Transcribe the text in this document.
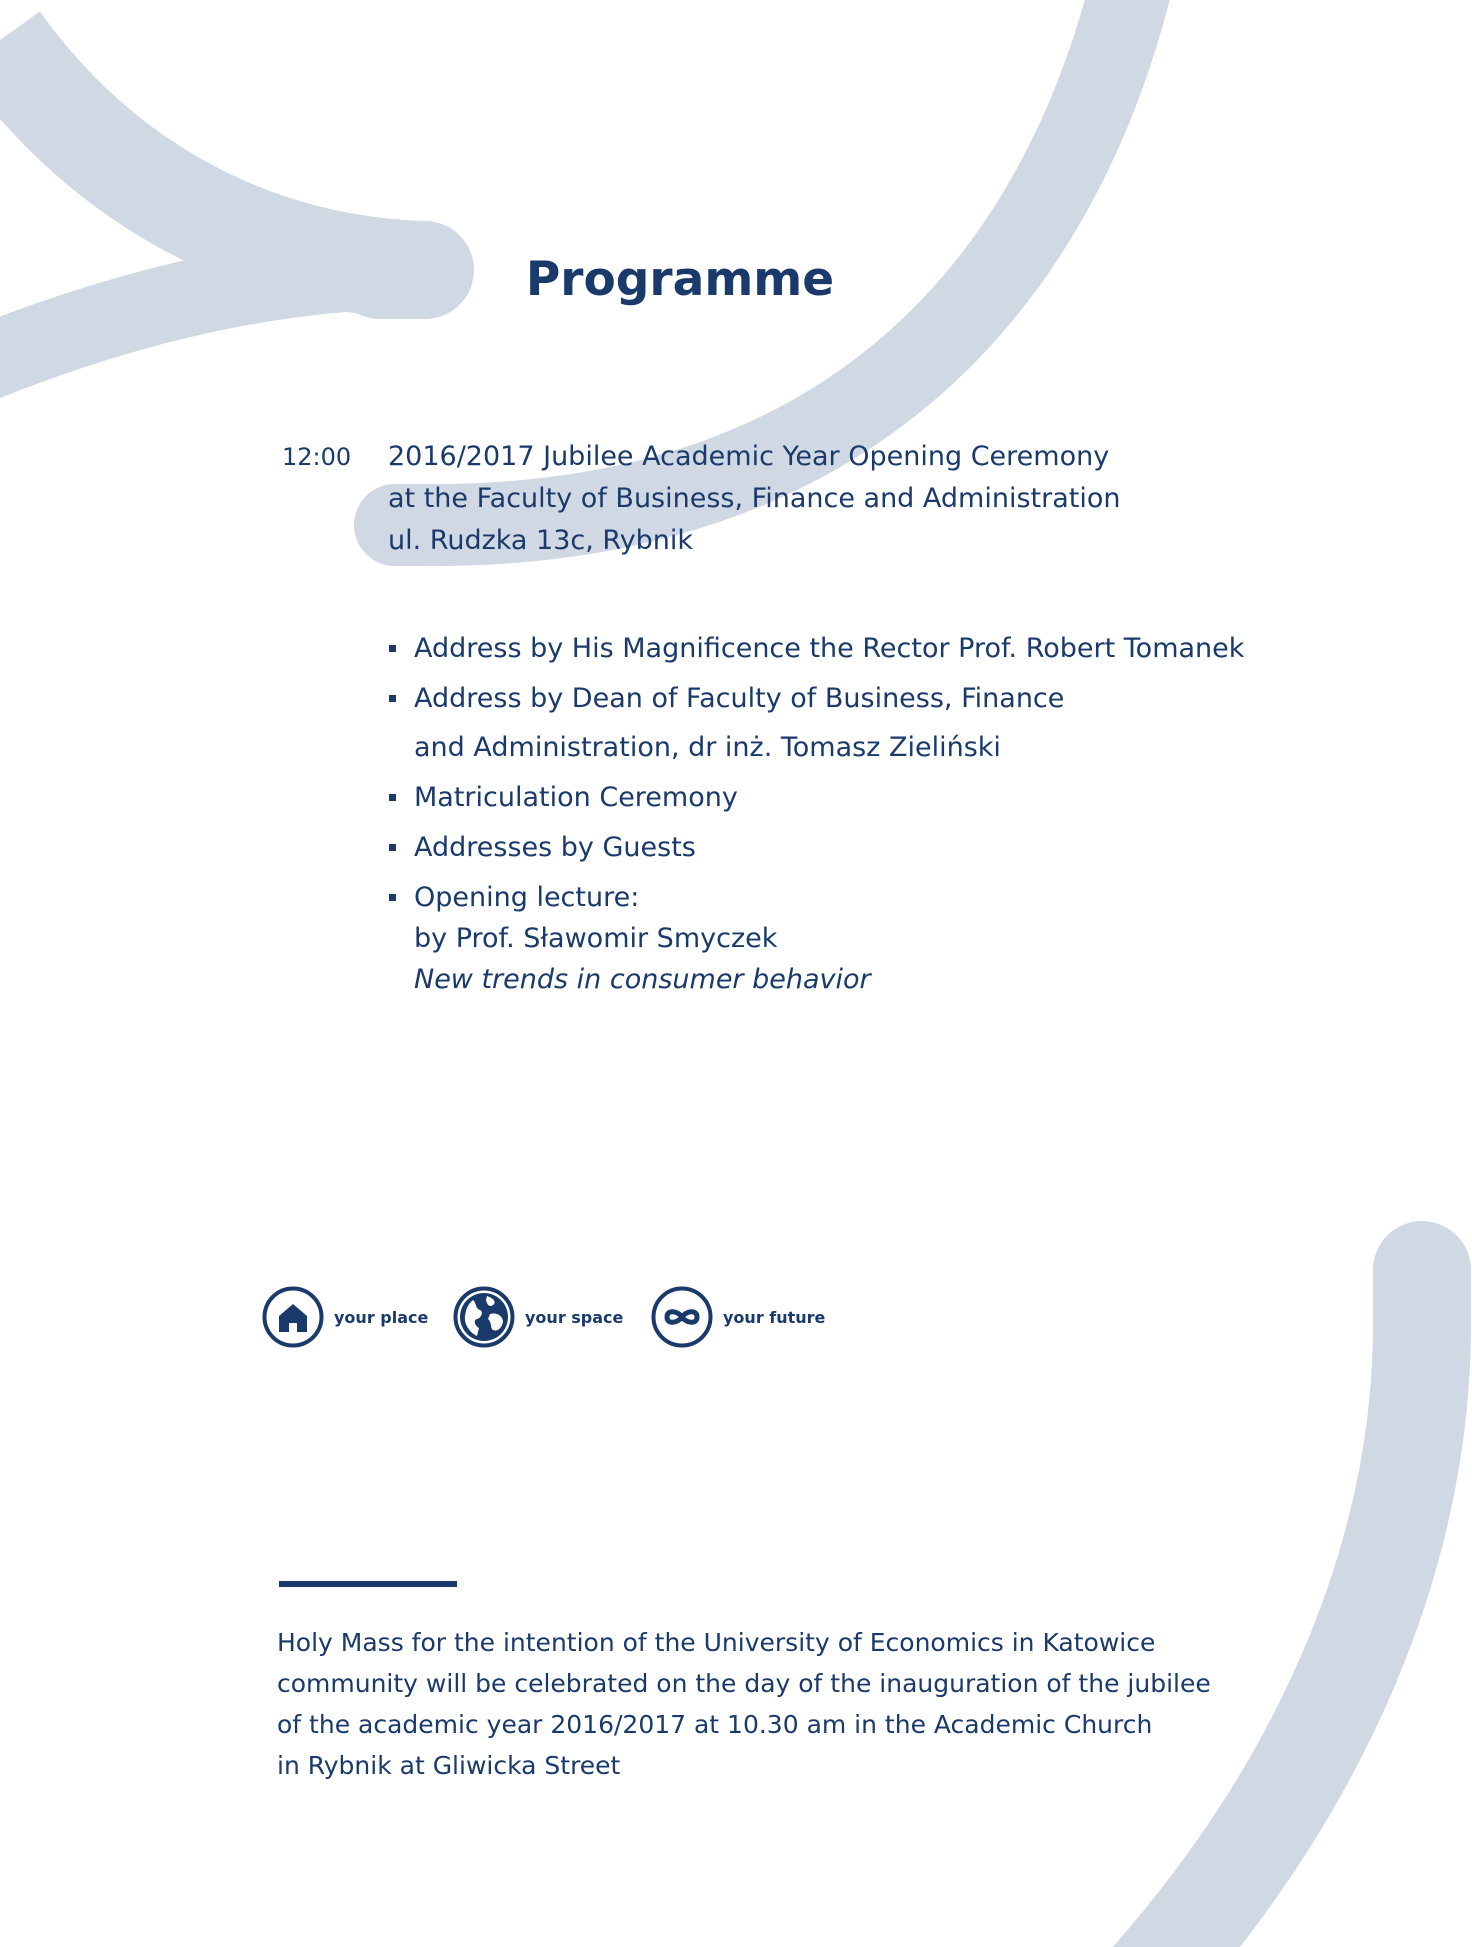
Programme
12:00 2016/2017 Jubilee Academic Year Opening Ceremony
at the Faculty of Business, Finance and Administration
ul. Rudzka 13c, Rybnik
Address by His Magnificence the Rector Prof. Robert Tomanek
Address by Dean of Faculty of Business, Finance
and Administration, dr inż. Tomasz Zieliński
Matriculation Ceremony
Addresses by Guests
Opening lecture:
by Prof. Sławomir Smyczek
New trends in consumer behavior
your place	your space	your future
Holy Mass for the intention of the University of Economics in Katowice
community will be celebrated on the day of the inauguration of the jubilee
of the academic year 2016/2017 at 10.30 am in the Academic Church
in Rybnik at Gliwicka Street
